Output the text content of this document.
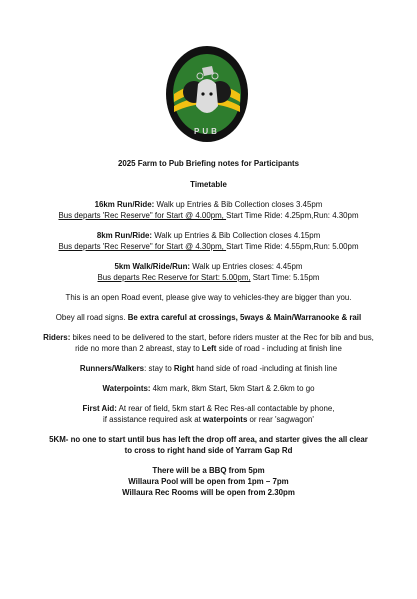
PUB
2025 Farm to Pub Briefing notes for Participants
Timetable
16km Run/Ride: Walk up Entries & Bib Collection closes 3.45pm
Bus departs 'Rec Reserve" for Start @ 4.00pm, Start Time Ride: 4.25pm,Run: 4.30pm
8km Run/Ride: Walk up Entries & Bib Collection closes 4.15pm
Bus departs 'Rec Reserve" for Start @ 4.30pm, Start Time Ride: 4.55pm,Run: 5.00pm
5km Walk/Ride/Run: Walk up Entries closes: 4.45pm
Bus departs Rec Reserve for Start: 5.00pm, Start Time: 5.15pm
This is an open Road event, please give way to vehicles-they are bigger than you.
Obey all road signs. Be extra careful at crossings, 5ways & Main/Warranooke & rail
Riders: bikes need to be delivered to the start, before riders muster at the Rec for bib and bus,
ride no more than 2 abreast, stay to Left side of road - including at finish line
Runners/Walkers: stay to Right hand side of road -including at finish line
Waterpoints: 4km mark, 8km Start, 5km Start & 2.6km to go
First Aid: At rear of field, 5km start & Rec Res-all contactable by phone,
if assistance required ask at waterpoints or rear 'sagwagon'
5KM- no one to start until bus has left the drop off area, and starter gives the all clear
to cross to right hand side of Yarram Gap Rd
There will be a BBQ from 5pm
Willaura Pool will be open from 1pm – 7pm
Willaura Rec Rooms will be open from 2.30pm
